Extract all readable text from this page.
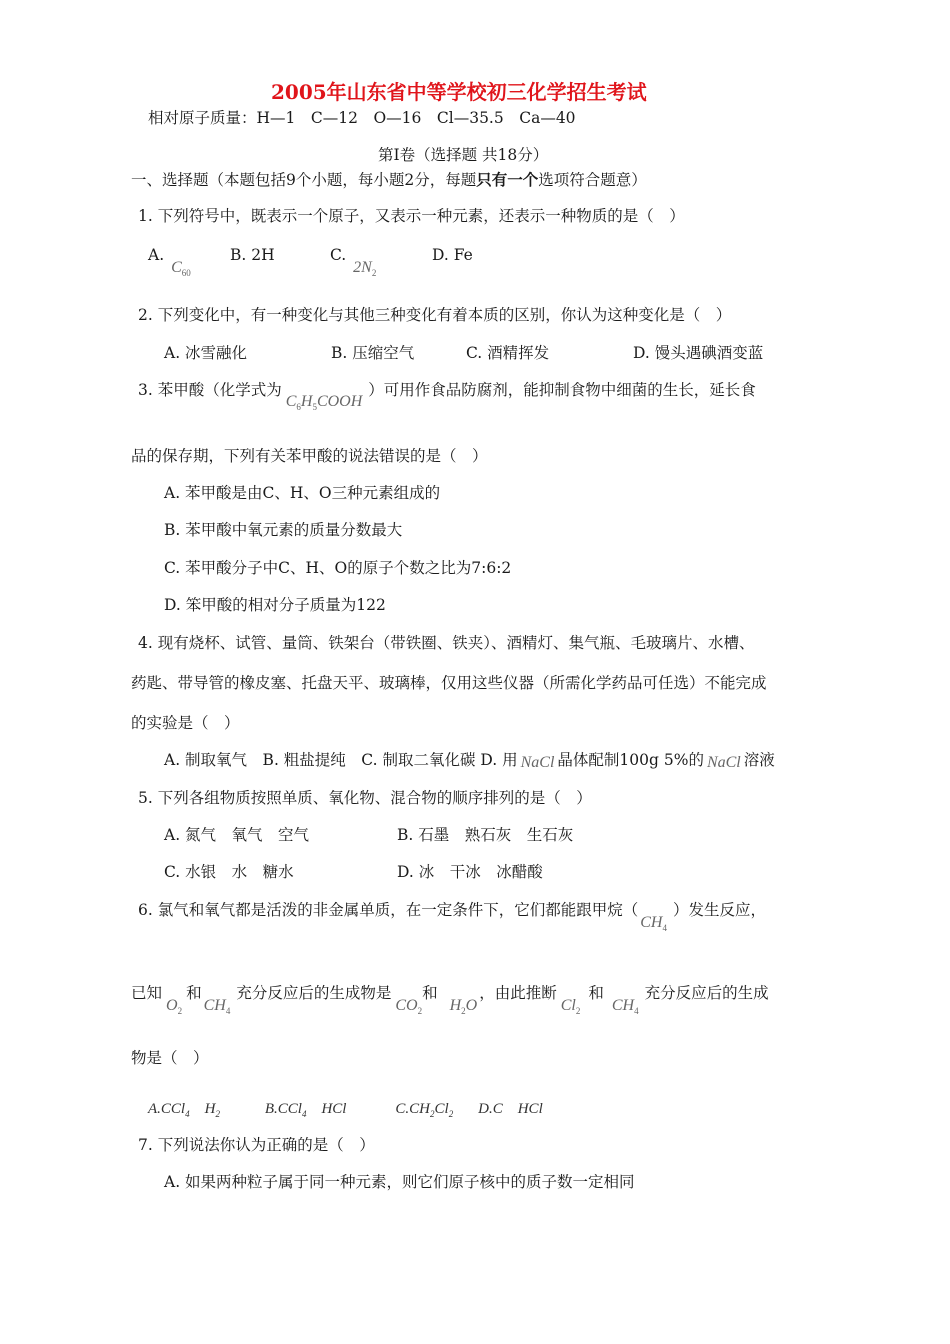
2005年山东省中等学校初三化学招生考试
相对原子质量：H—1　C—12　O—16　Cl—35.5　Ca—40
第Ⅰ卷（选择题 共18分）
一、选择题（本题包括9个小题，每小题2分，每题只有一个选项符合题意）
1. 下列符号中，既表示一个原子，又表示一种元素，还表示一种物质的是（　）
A. $C_{60}$
B. 2H	C. $2N_2$
D. Fe
2. 下列变化中，有一种变化与其他三种变化有着本质的区别，你认为这种变化是（　）
A. 冰雪融化	B. 压缩空气	C. 酒精挥发	D. 馒头遇碘酒变蓝
3. 苯甲酸（化学式为$C_6H_5COOH$）可用作食品防腐剂，能抑制食物中细菌的生长，延长食
品的保存期，下列有关苯甲酸的说法错误的是（　）
A. 苯甲酸是由C、H、O三种元素组成的
B. 苯甲酸中氧元素的质量分数最大
C. 苯甲酸分子中C、H、O的原子个数之比为7:6:2
D. 笨甲酸的相对分子质量为122
4. 现有烧杯、试管、量筒、铁架台（带铁圈、铁夹）、酒精灯、集气瓶、毛玻璃片、水槽、
药匙、带导管的橡皮塞、托盘天平、玻璃棒，仅用这些仪器（所需化学药品可任选）不能完成
的实验是（　）
A. 制取氧气　B. 粗盐提纯　C. 制取二氧化碳 D. 用 NaCl 晶体配制100g 5%的 NaCl 溶液
5. 下列各组物质按照单质、氧化物、混合物的顺序排列的是（　）
A. 氮气　氧气　空气	B. 石墨　熟石灰　生石灰
C. 水银　水　糖水	D. 冰　干冰　冰醋酸
6. 氯气和氧气都是活泼的非金属单质，在一定条件下，它们都能跟甲烷$(CH_4)$发生反应，
已知$O_2$和$CH_4$充分反应后的生成物是$CO_2$和$H_2O$，由此推断$Cl_2$和$CH_4$充分反应后的生成
物是（　）
A.CCl$_4$    $H_2$	B.CCl$_4$    HCl	$C.CH_2Cl_2$ D.C    HCl
7. 下列说法你认为正确的是（　）
A. 如果两种粒子属于同一种元素，则它们原子核中的质子数一定相同
